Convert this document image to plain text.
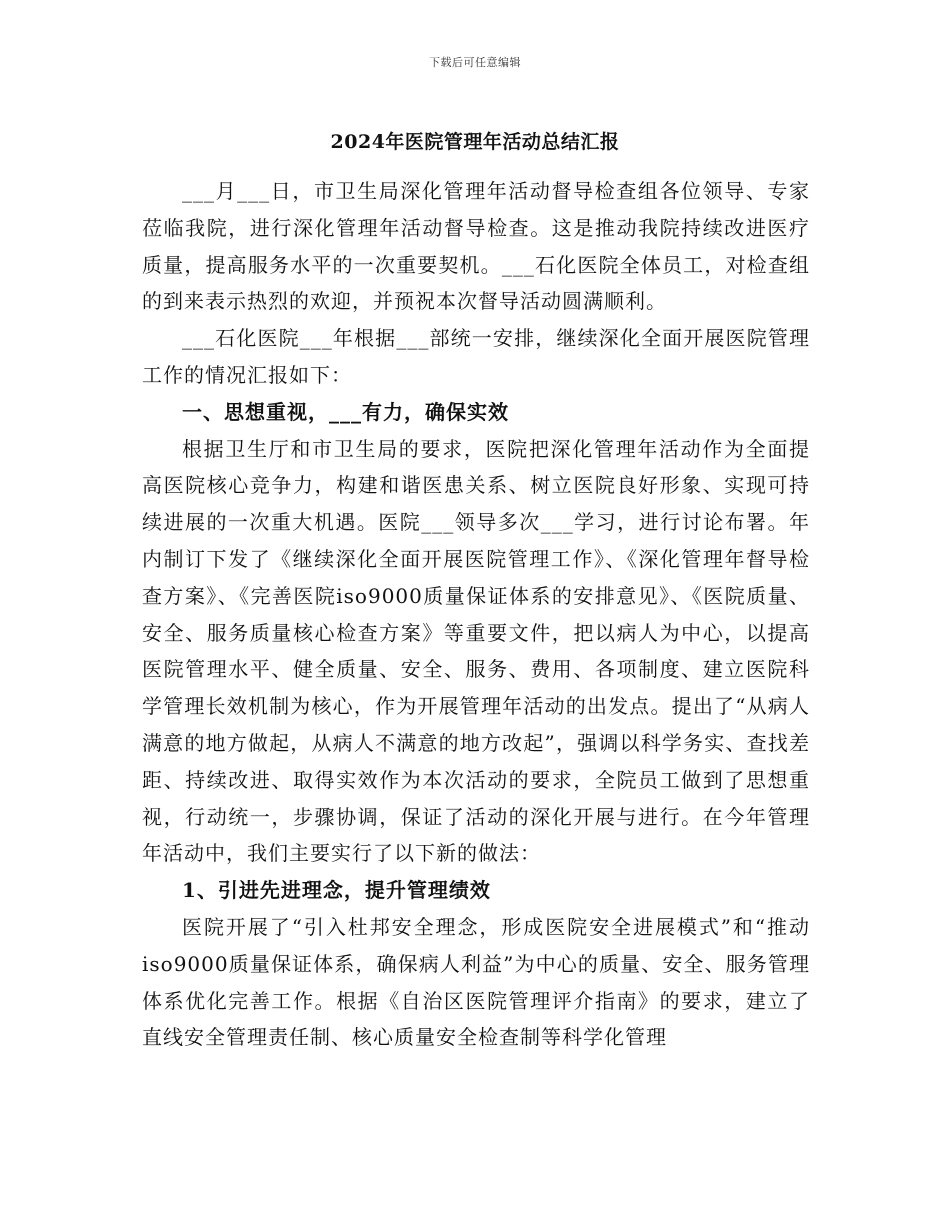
下载后可任意编辑
2024年医院管理年活动总结汇报

___月___日，市卫生局深化管理年活动督导检查组各位领导、专家莅临我院，进行深化管理年活动督导检查。这是推动我院持续改进医疗质量，提高服务水平的一次重要契机。___石化医院全体员工，对检查组的到来表示热烈的欢迎，并预祝本次督导活动圆满顺利。

___石化医院___年根据___部统一安排，继续深化全面开展医院管理工作的情况汇报如下：

一、思想重视，___有力，确保实效

根据卫生厅和市卫生局的要求，医院把深化管理年活动作为全面提高医院核心竞争力，构建和谐医患关系、树立医院良好形象、实现可持续进展的一次重大机遇。医院___领导多次___学习，进行讨论布署。年内制订下发了《继续深化全面开展医院管理工作》、《深化管理年督导检查方案》、《完善医院iso9000质量保证体系的安排意见》、《医院质量、安全、服务质量核心检查方案》等重要文件，把以病人为中心，以提高医院管理水平、健全质量、安全、服务、费用、各项制度、建立医院科学管理长效机制为核心，作为开展管理年活动的出发点。提出了“从病人满意的地方做起，从病人不满意的地方改起”，强调以科学务实、查找差距、持续改进、取得实效作为本次活动的要求，全院员工做到了思想重视，行动统一，步骤协调，保证了活动的深化开展与进行。在今年管理年活动中，我们主要实行了以下新的做法：

1、引进先进理念，提升管理绩效

医院开展了“引入杜邦安全理念，形成医院安全进展模式”和“推动iso9000质量保证体系，确保病人利益”为中心的质量、安全、服务管理体系优化完善工作。根据《自治区医院管理评介指南》的要求，建立了直线安全管理责任制、核心质量安全检查制等科学化管理
